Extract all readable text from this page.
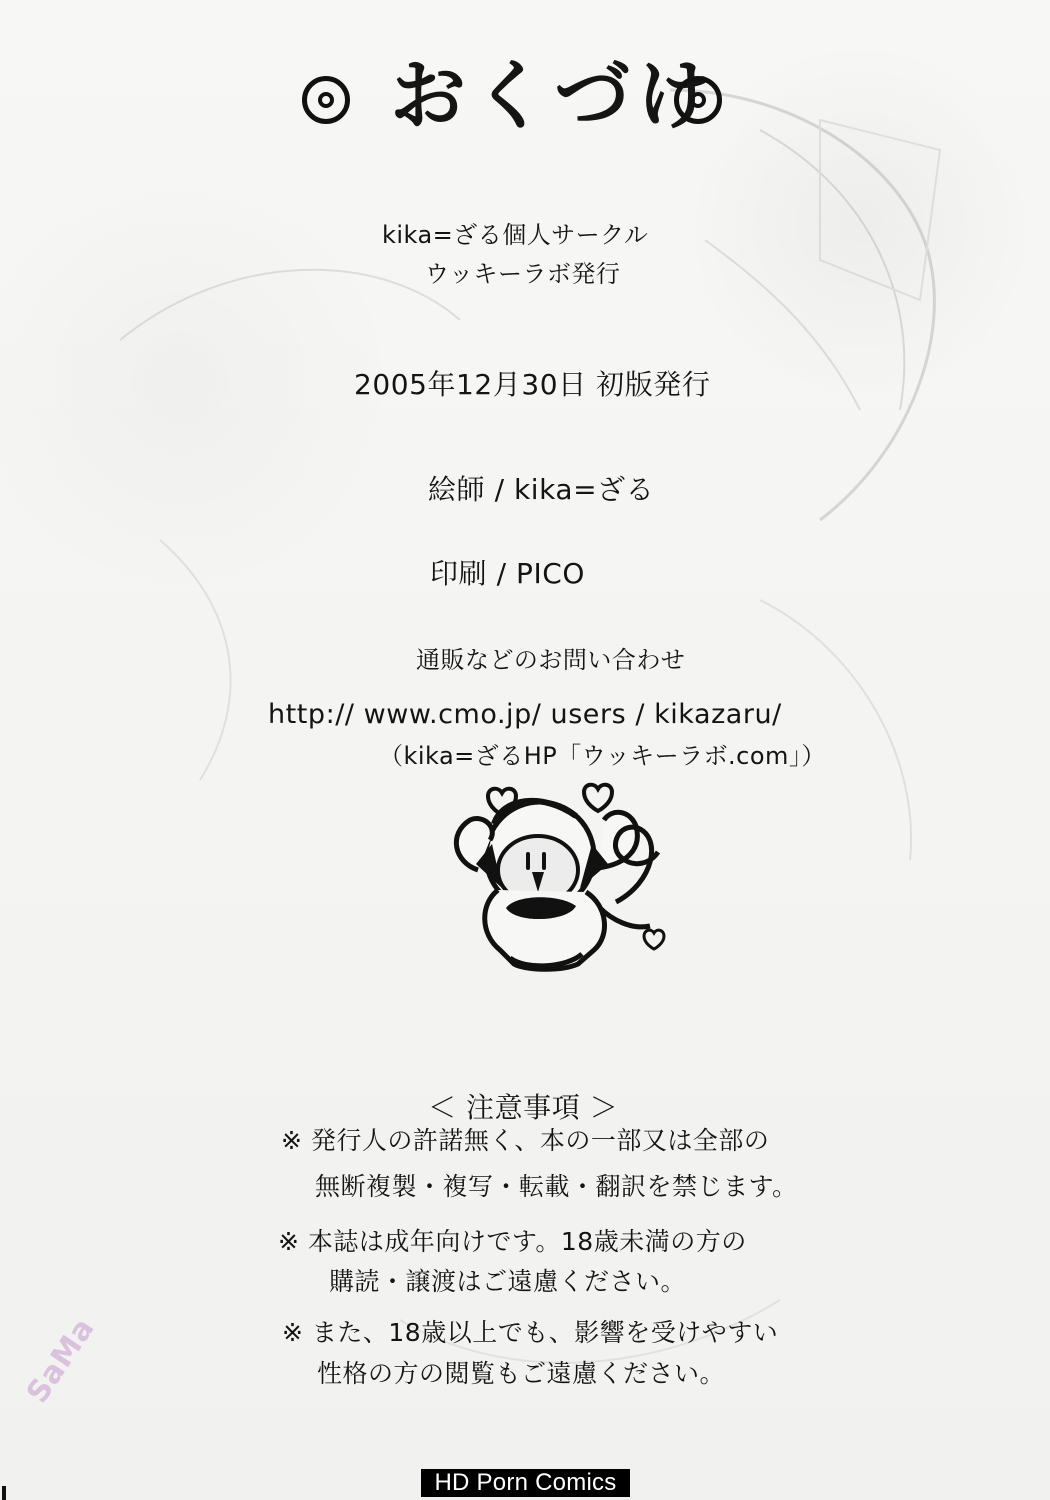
おくづけ
kika=ざる個人サークル
ウッキーラボ発行
2005年12月30日 初版発行
絵師 / kika=ざる
印刷 / PICO
通販などのお問い合わせ
http:// www.cmo.jp/ users / kikazaru/
（kika=ざるHP「ウッキーラボ.com」）
＜ 注意事項 ＞
※ 発行人の許諾無く、本の一部又は全部の
無断複製・複写・転載・翻訳を禁じます。
※ 本誌は成年向けです。18歳未満の方の
購読・譲渡はご遠慮ください。
※ また、18歳以上でも、影響を受けやすい
性格の方の閲覧もご遠慮ください。
SaMa
HD Porn Comics
